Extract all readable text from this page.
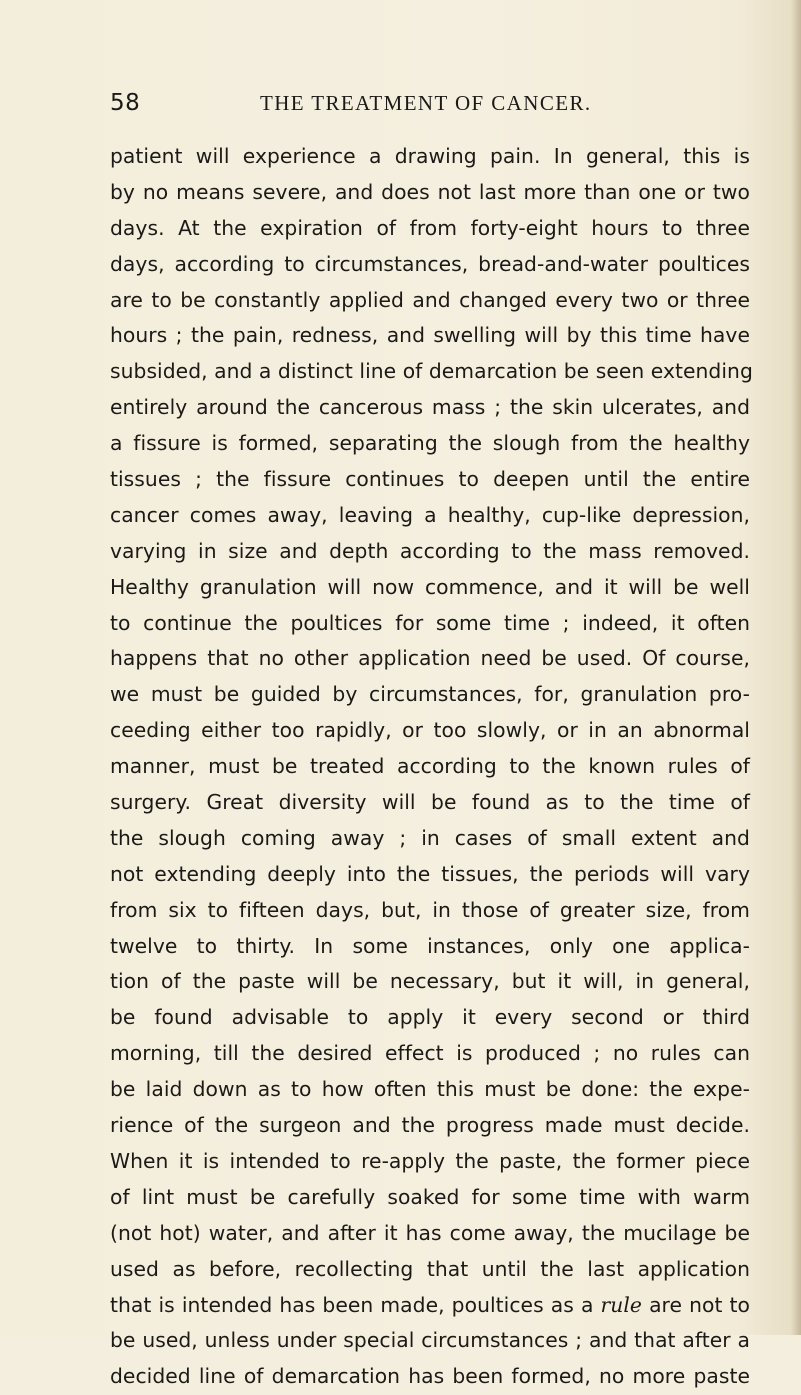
58	THE TREATMENT OF CANCER.
patient will experience a drawing pain. In general, this is
by no means severe, and does not last more than one or two
days. At the expiration of from forty-eight hours to three
days, according to circumstances, bread-and-water poultices
are to be constantly applied and changed every two or three
hours ; the pain, redness, and swelling will by this time have
subsided, and a distinct line of demarcation be seen extending
entirely around the cancerous mass ; the skin ulcerates, and
a fissure is formed, separating the slough from the healthy
tissues ; the fissure continues to deepen until the entire
cancer comes away, leaving a healthy, cup-like depression,
varying in size and depth according to the mass removed.
Healthy granulation will now commence, and it will be well
to continue the poultices for some time ; indeed, it often
happens that no other application need be used. Of course,
we must be guided by circumstances, for, granulation pro-
ceeding either too rapidly, or too slowly, or in an abnormal
manner, must be treated according to the known rules of
surgery. Great diversity will be found as to the time of
the slough coming away ; in cases of small extent and
not extending deeply into the tissues, the periods will vary
from six to fifteen days, but, in those of greater size, from
twelve to thirty. In some instances, only one applica-
tion of the paste will be necessary, but it will, in general,
be found advisable to apply it every second or third
morning, till the desired effect is produced ; no rules can
be laid down as to how often this must be done: the expe-
rience of the surgeon and the progress made must decide.
When it is intended to re-apply the paste, the former piece
of lint must be carefully soaked for some time with warm
(not hot) water, and after it has come away, the mucilage be
used as before, recollecting that until the last application
that is intended has been made, poultices as a rule are not to
be used, unless under special circumstances ; and that after a
decided line of demarcation has been formed, no more paste
